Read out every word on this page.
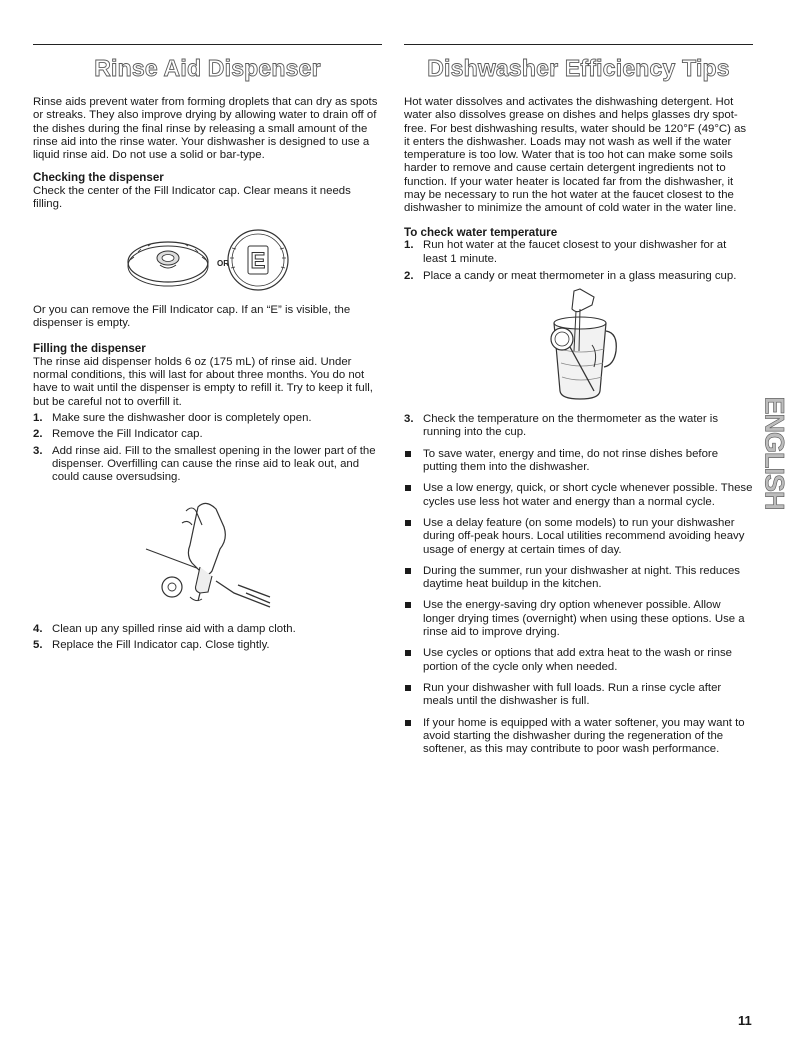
Rinse Aid Dispenser

Rinse aids prevent water from forming droplets that can dry as spots or streaks. They also improve drying by allowing water to drain off of the dishes during the final rinse by releasing a small amount of the rinse aid into the rinse water. Your dishwasher is designed to use a liquid rinse aid. Do not use a solid or bar-type.

Checking the dispenser

Check the center of the Fill Indicator cap. Clear means it needs filling.

OR E

Or you can remove the Fill Indicator cap. If an “E” is visible, the dispenser is empty.

Filling the dispenser

The rinse aid dispenser holds 6 oz (175 mL) of rinse aid. Under normal conditions, this will last for about three months. You do not have to wait until the dispenser is empty to refill it. Try to keep it full, but be careful not to overfill it.

1. Make sure the dishwasher door is completely open.
2. Remove the Fill Indicator cap.
3. Add rinse aid. Fill to the smallest opening in the lower part of the dispenser. Overfilling can cause the rinse aid to leak out, and could cause oversudsing.
4. Clean up any spilled rinse aid with a damp cloth.
5. Replace the Fill Indicator cap. Close tightly.
Dishwasher Efficiency Tips

Hot water dissolves and activates the dishwashing detergent. Hot water also dissolves grease on dishes and helps glasses dry spot-free. For best dishwashing results, water should be 120°F (49°C) as it enters the dishwasher. Loads may not wash as well if the water temperature is too low. Water that is too hot can make some soils harder to remove and cause certain detergent ingredients not to function. If your water heater is located far from the dishwasher, it may be necessary to run the hot water at the faucet closest to the dishwasher to minimize the amount of cold water in the water line.

To check water temperature
1. Run hot water at the faucet closest to your dishwasher for at least 1 minute.
2. Place a candy or meat thermometer in a glass measuring cup.
3. Check the temperature on the thermometer as the water is running into the cup.
To save water, energy and time, do not rinse dishes before putting them into the dishwasher.
Use a low energy, quick, or short cycle whenever possible. These cycles use less hot water and energy than a normal cycle.
Use a delay feature (on some models) to run your dishwasher during off-peak hours. Local utilities recommend avoiding heavy usage of energy at certain times of day.
During the summer, run your dishwasher at night. This reduces daytime heat buildup in the kitchen.
Use the energy-saving dry option whenever possible. Allow longer drying times (overnight) when using these options. Use a rinse aid to improve drying.
Use cycles or options that add extra heat to the wash or rinse portion of the cycle only when needed.
Run your dishwasher with full loads. Run a rinse cycle after meals until the dishwasher is full.
If your home is equipped with a water softener, you may want to avoid starting the dishwasher during the regeneration of the softener, as this may contribute to poor wash performance.
ENGLISH
11
